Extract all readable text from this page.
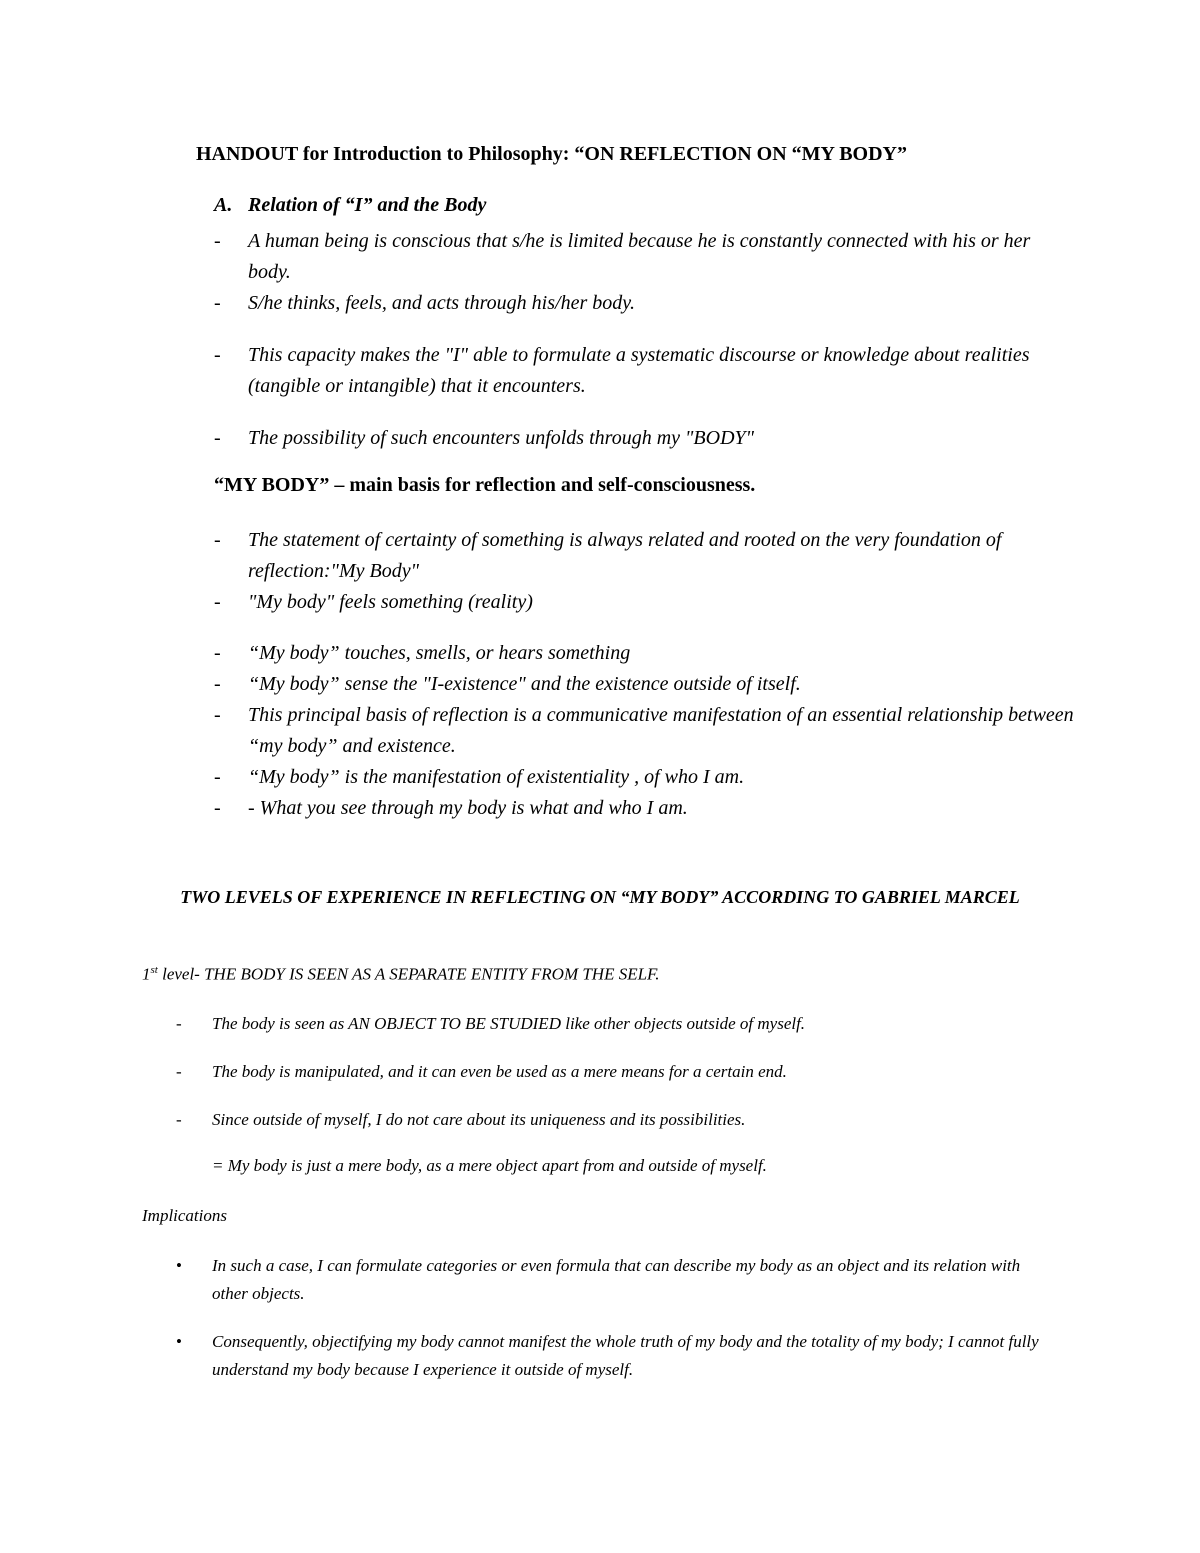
HANDOUT for Introduction to Philosophy: “ON REFLECTION ON “MY BODY”
A. Relation of “I” and the Body
- A human being is conscious that s/he is limited because he is constantly connected with his or her body.
- S/he thinks, feels, and acts through his/her body.
- This capacity makes the "I" able to formulate a systematic discourse or knowledge about realities (tangible or intangible) that it encounters.
- The possibility of such encounters unfolds through my "BODY"
“MY BODY” – main basis for reflection and self-consciousness.
- The statement of certainty of something is always related and rooted on the very foundation of reflection:"My Body"
- "My body" feels something (reality)
- “My body” touches, smells, or hears something
- “My body” sense the "I-existence" and the existence outside of itself.
- This principal basis of reflection is a communicative manifestation of an essential relationship between “my body” and existence.
- “My body” is the manifestation of existentiality , of who I am.
- - What you see through my body is what and who I am.
TWO LEVELS OF EXPERIENCE IN REFLECTING ON “MY BODY” ACCORDING TO GABRIEL MARCEL
1st level- THE BODY IS SEEN AS A SEPARATE ENTITY FROM THE SELF.
- The body is seen as AN OBJECT TO BE STUDIED like other objects outside of myself.
- The body is manipulated, and it can even be used as a mere means for a certain end.
- Since outside of myself, I do not care about its uniqueness and its possibilities.
= My body is just a mere body, as a mere object apart from and outside of myself.
Implications
• In such a case, I can formulate categories or even formula that can describe my body as an object and its relation with other objects.
• Consequently, objectifying my body cannot manifest the whole truth of my body and the totality of my body; I cannot fully understand my body because I experience it outside of myself.
